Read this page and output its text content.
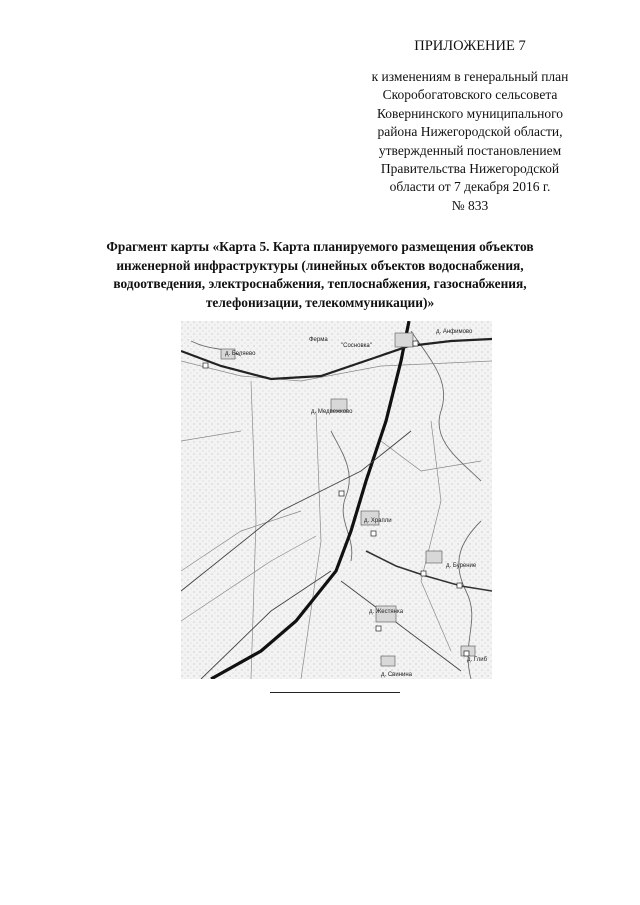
ПРИЛОЖЕНИЕ 7
к изменениям в генеральный план
Скоробогатовского сельсовета
Ковернинского муниципального
района Нижегородской области,
утвержденный постановлением
Правительства Нижегородской
области от 7 декабря 2016 г.
№ 833
Фрагмент карты «Карта 5. Карта планируемого размещения объектов
инженерной инфраструктуры (линейных объектов водоснабжения,
водоотведения, электроснабжения, теплоснабжения, газоснабжения,
телефонизации, телекоммуникации)»
д. Беляево
д. Анфимово
д. Медвежково
Ферма
"Сосновка"
д. Храпли
д. Бурение
д. Жестянка
д. Глиб
д. Свинина
